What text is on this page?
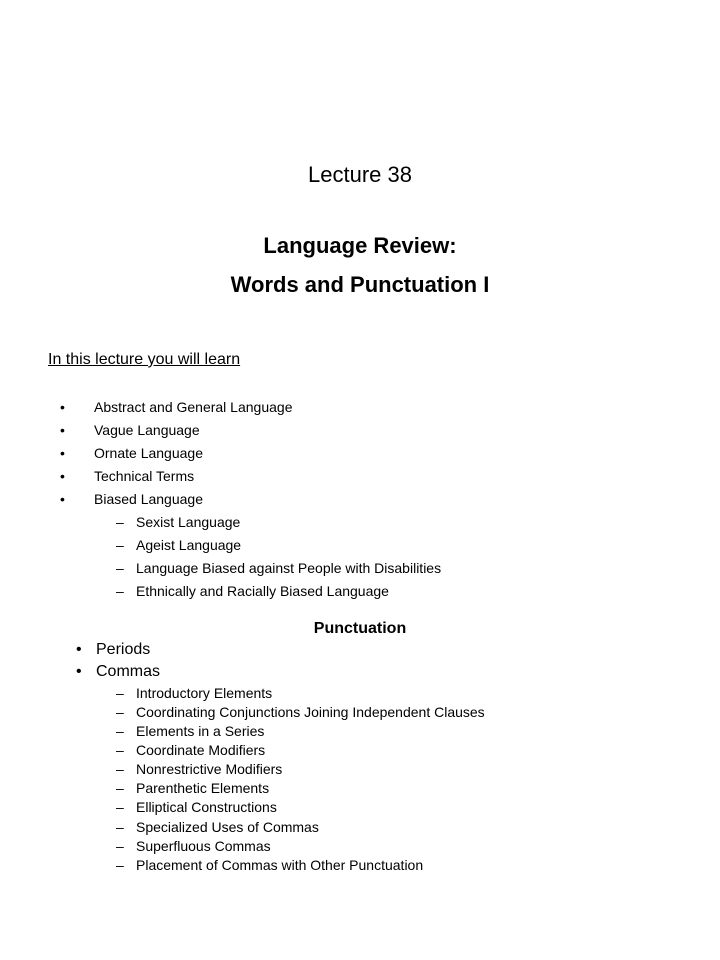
Lecture 38
Language Review:
Words and Punctuation I
In this lecture you will learn
• Abstract and General Language
• Vague Language
• Ornate Language
• Technical Terms
• Biased Language
– Sexist Language
– Ageist Language
– Language Biased against People with Disabilities
– Ethnically and Racially Biased Language
Punctuation
• Periods
• Commas
– Introductory Elements
– Coordinating Conjunctions Joining Independent Clauses
– Elements in a Series
– Coordinate Modifiers
– Nonrestrictive Modifiers
– Parenthetic Elements
– Elliptical Constructions
– Specialized Uses of Commas
– Superfluous Commas
– Placement of Commas with Other Punctuation
